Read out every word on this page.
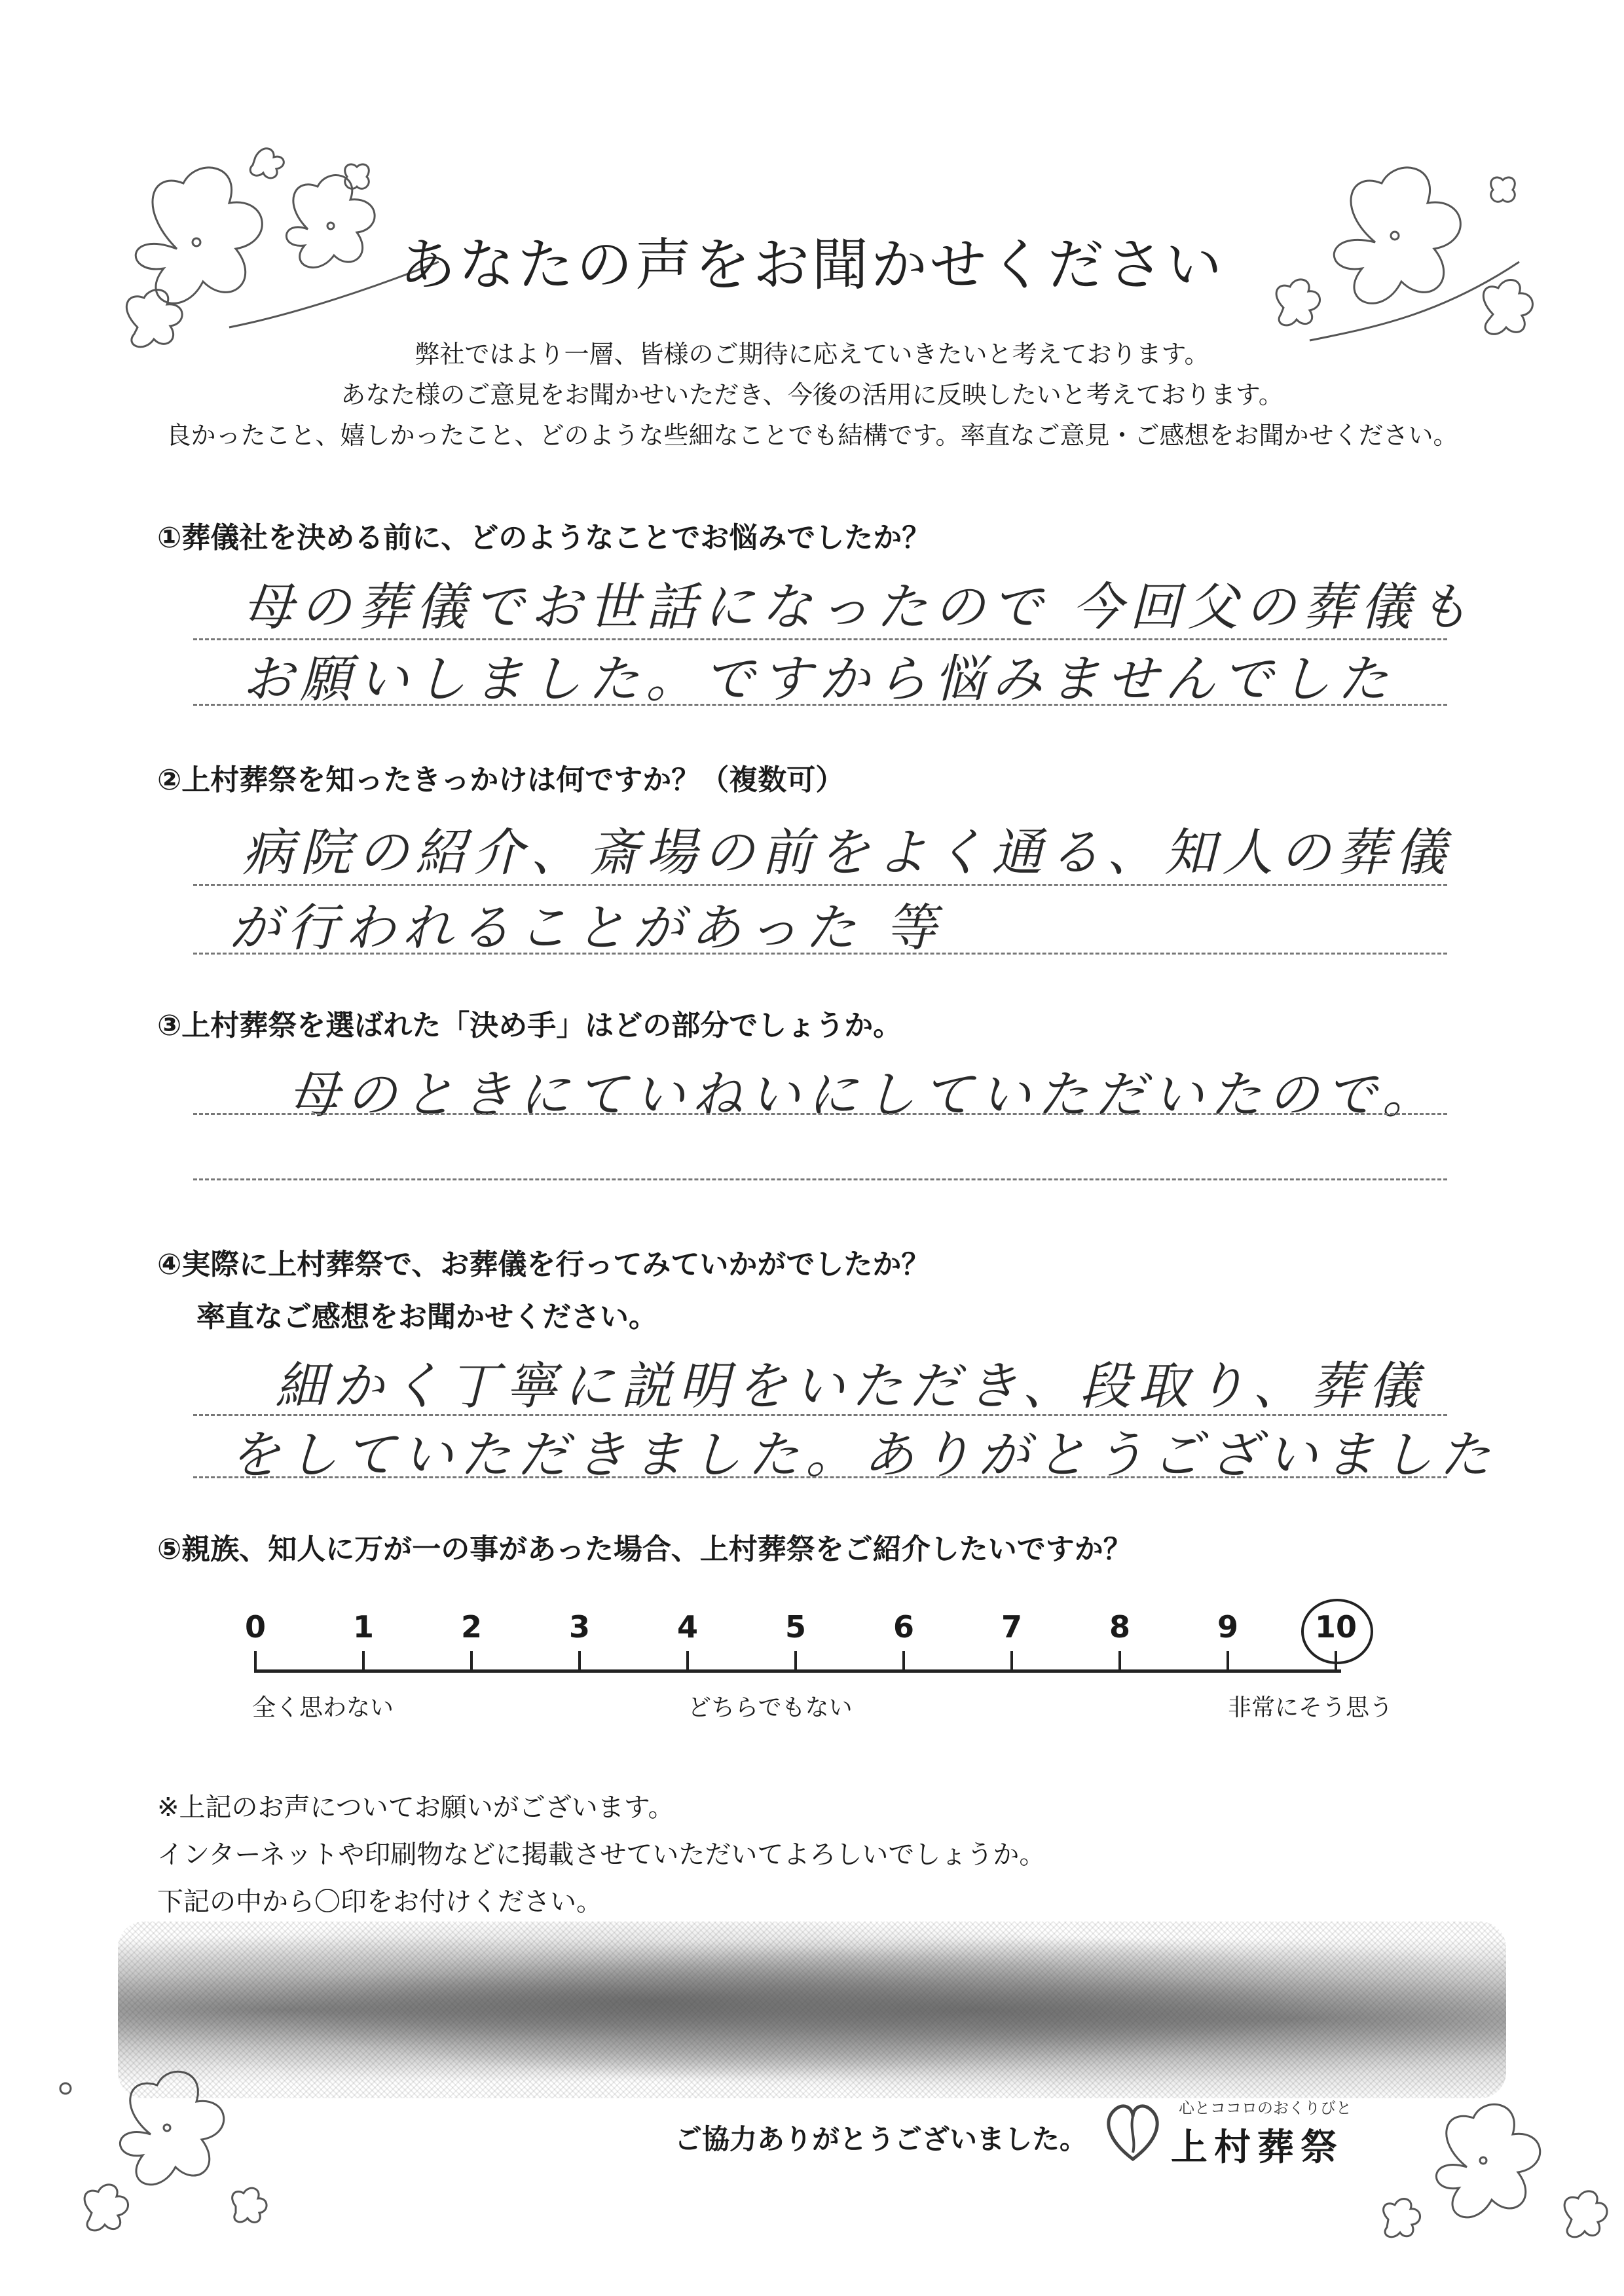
あなたの声をお聞かせください
弊社ではより一層、皆様のご期待に応えていきたいと考えております。
あなた様のご意見をお聞かせいただき、今後の活用に反映したいと考えております。
良かったこと、嬉しかったこと、どのような些細なことでも結構です。率直なご意見・ご感想をお聞かせください。
①葬儀社を決める前に、どのようなことでお悩みでしたか？
母の葬儀でお世話になったので 今回父の葬儀も
お願いしました。ですから悩みませんでした
②上村葬祭を知ったきっかけは何ですか？（複数可）
病院の紹介、斎場の前をよく通る、知人の葬儀
が行われることがあった 等
③上村葬祭を選ばれた「決め手」はどの部分でしょうか。
母のときにていねいにしていただいたので。
④実際に上村葬祭で、お葬儀を行ってみていかがでしたか？
率直なご感想をお聞かせください。
細かく丁寧に説明をいただき、段取り、葬儀
をしていただきました。ありがとうございました
⑤親族、知人に万が一の事があった場合、上村葬祭をご紹介したいですか？
0	1	2	3	4	5	6	7	8	9	10
全く思わない	どちらでもない	非常にそう思う
※上記のお声についてお願いがございます。
インターネットや印刷物などに掲載させていただいてよろしいでしょうか。
下記の中から〇印をお付けください。
ご協力ありがとうございました。
心とココロのおくりびと
上村葬祭
